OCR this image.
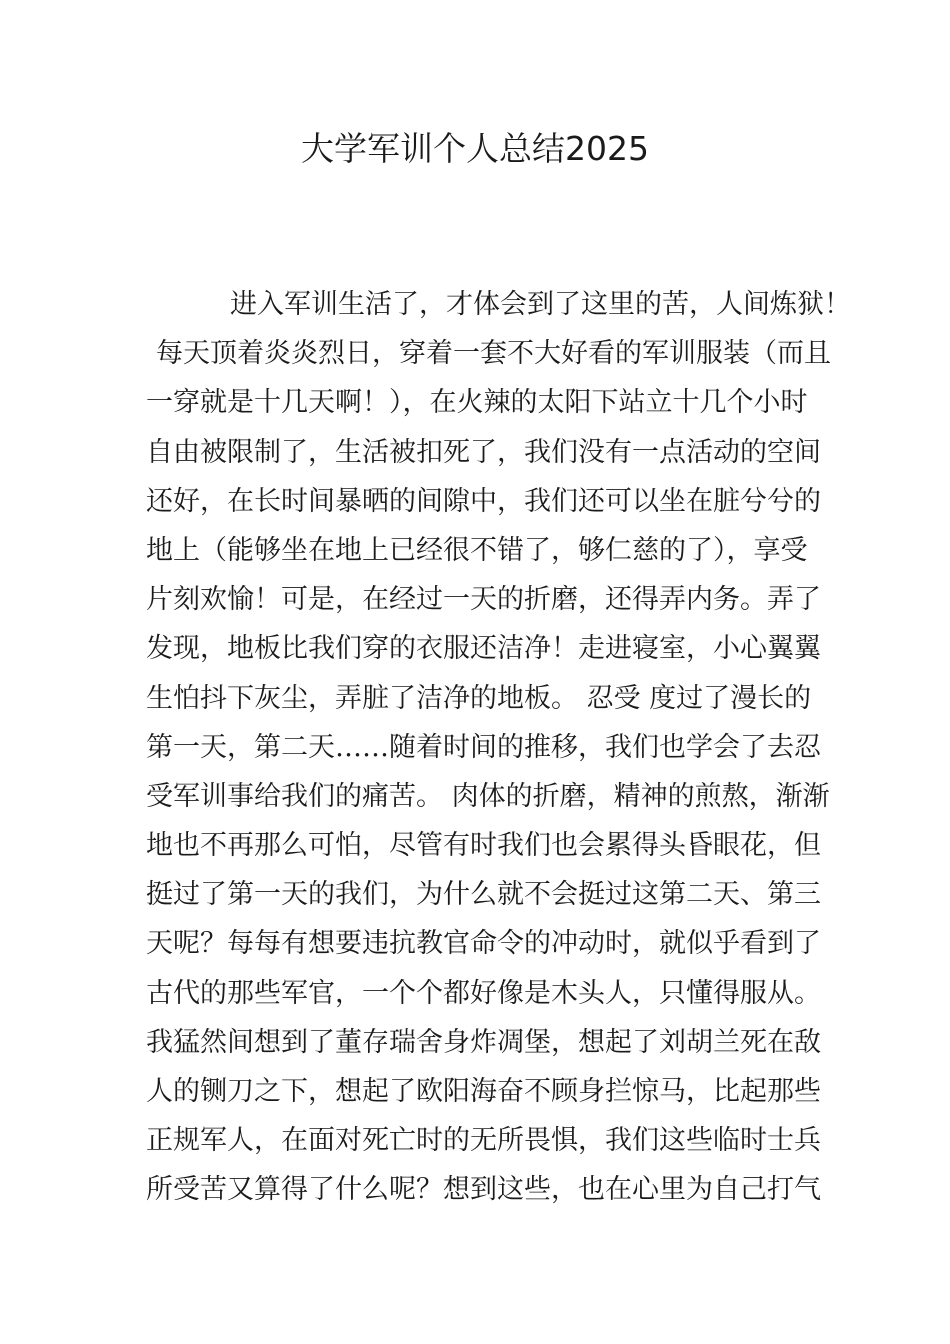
大学军训个人总结2025
进入军训生活了，才体会到了这里的苦，人间炼狱！
每天顶着炎炎烈日，穿着一套不大好看的军训服装（而且
一穿就是十几天啊！），在火辣的太阳下站立十几个小时
自由被限制了，生活被扣死了，我们没有一点活动的空间
还好，在长时间暴晒的间隙中，我们还可以坐在脏兮兮的
地上（能够坐在地上已经很不错了，够仁慈的了），享受
片刻欢愉！可是，在经过一天的折磨，还得弄内务。弄了
发现，地板比我们穿的衣服还洁净！走进寝室，小心翼翼
生怕抖下灰尘，弄脏了洁净的地板。 忍受 度过了漫长的
第一天，第二天……随着时间的推移，我们也学会了去忍
受军训事给我们的痛苦。 肉体的折磨，精神的煎熬，渐渐
地也不再那么可怕，尽管有时我们也会累得头昏眼花，但
挺过了第一天的我们，为什么就不会挺过这第二天、第三
天呢？每每有想要违抗教官命令的冲动时，就似乎看到了
古代的那些军官，一个个都好像是木头人，只懂得服从。
我猛然间想到了董存瑞舍身炸凋堡，想起了刘胡兰死在敌
人的铡刀之下，想起了欧阳海奋不顾身拦惊马，比起那些
正规军人，在面对死亡时的无所畏惧，我们这些临时士兵
所受苦又算得了什么呢？想到这些，也在心里为自己打气
